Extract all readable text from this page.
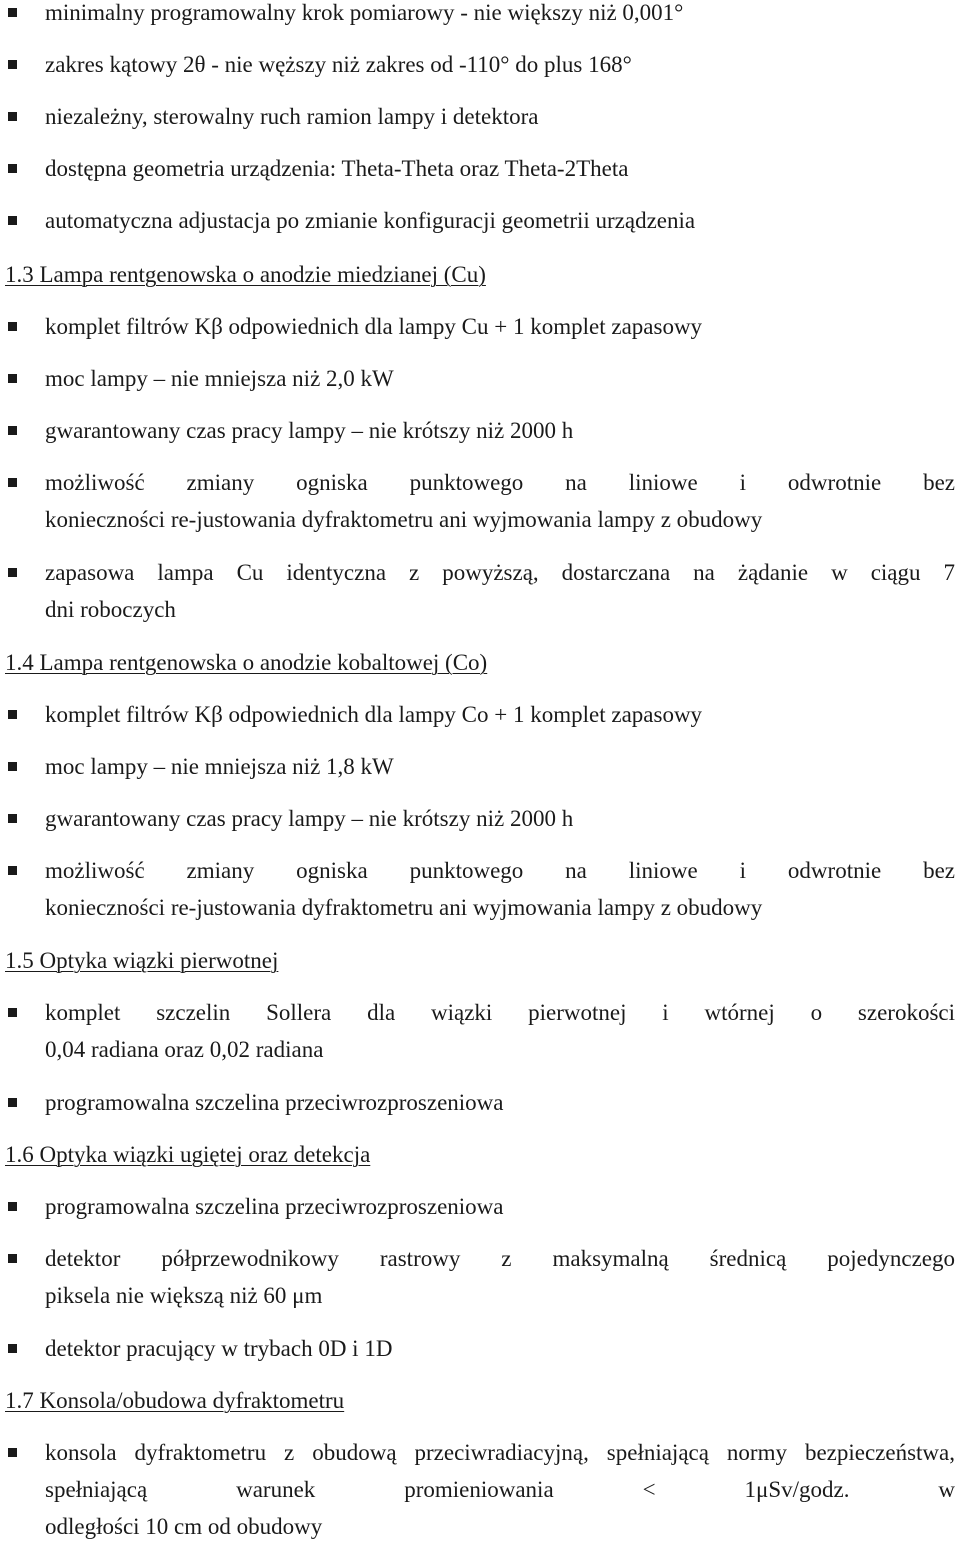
minimalny programowalny krok pomiarowy - nie większy niż 0,001°
zakres kątowy 2θ - nie węższy niż zakres od -110° do plus 168°
niezależny, sterowalny ruch ramion lampy i detektora
dostępna geometria urządzenia: Theta-Theta oraz Theta-2Theta
automatyczna adjustacja po zmianie konfiguracji geometrii urządzenia
1.3 Lampa rentgenowska o anodzie miedzianej (Cu)
komplet filtrów Kβ odpowiednich dla lampy Cu + 1 komplet zapasowy
moc lampy – nie mniejsza niż 2,0 kW
gwarantowany czas pracy lampy – nie krótszy niż 2000 h
możliwość zmiany ogniska punktowego na liniowe i odwrotnie bez
konieczności re-justowania dyfraktometru ani wyjmowania lampy z obudowy
zapasowa lampa Cu identyczna z powyższą, dostarczana na żądanie w ciągu 7
dni roboczych
1.4 Lampa rentgenowska o anodzie kobaltowej (Co)
komplet filtrów Kβ odpowiednich dla lampy Co + 1 komplet zapasowy
moc lampy – nie mniejsza niż 1,8 kW
gwarantowany czas pracy lampy – nie krótszy niż 2000 h
możliwość zmiany ogniska punktowego na liniowe i odwrotnie bez
konieczności re-justowania dyfraktometru ani wyjmowania lampy z obudowy
1.5 Optyka wiązki pierwotnej
komplet szczelin Sollera dla wiązki pierwotnej i wtórnej o szerokości
0,04 radiana oraz 0,02 radiana
programowalna szczelina przeciwrozproszeniowa
1.6 Optyka wiązki ugiętej oraz detekcja
programowalna szczelina przeciwrozproszeniowa
detektor półprzewodnikowy rastrowy z maksymalną średnicą pojedynczego
piksela nie większą niż 60 μm
detektor pracujący w trybach 0D i 1D
1.7 Konsola/obudowa dyfraktometru
konsola dyfraktometru z obudową przeciwradiacyjną, spełniającą normy bezpieczeństwa, spełniającą warunek promieniowania < 1μSv/godz. w
odległości 10 cm od obudowy
